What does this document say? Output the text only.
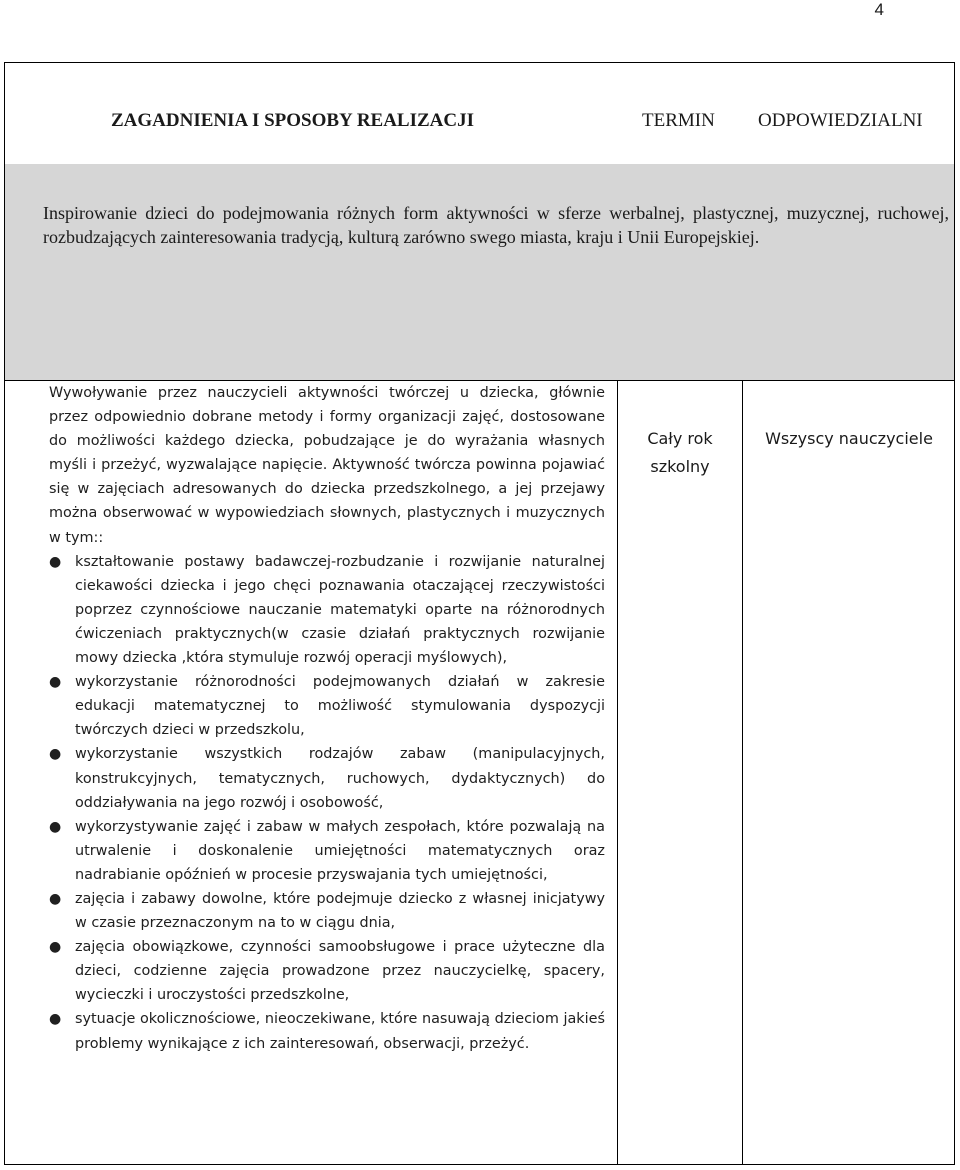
4
ZAGADNIENIA I SPOSOBY REALIZACJI	TERMIN ODPOWIEDZIALNI

Inspirowanie dzieci do podejmowania różnych form aktywności w sferze werbalnej, plastycznej, muzycznej, ruchowej, rozbudzających zainteresowania tradycją, kulturą zarówno swego miasta, kraju i Unii Europejskiej.

Wywoływanie przez nauczycieli aktywności twórczej u dziecka, głównie przez odpowiednio dobrane metody i formy organizacji zajęć, dostosowane do możliwości każdego dziecka, pobudzające je do wyrażania własnych myśli i przeżyć, wyzwalające napięcie. Aktywność twórcza powinna pojawiać się w zajęciach adresowanych do dziecka przedszkolnego, a jej przejawy można obserwować w wypowiedziach słownych, plastycznych i muzycznych w tym::

● kształtowanie postawy badawczej-rozbudzanie i rozwijanie naturalnej ciekawości dziecka i jego chęci poznawania otaczającej rzeczywistości poprzez czynnościowe nauczanie matematyki oparte na różnorodnych ćwiczeniach praktycznych(w czasie działań praktycznych rozwijanie mowy dziecka ,która stymuluje rozwój operacji myślowych),
● wykorzystanie różnorodności podejmowanych działań w zakresie edukacji matematycznej to możliwość stymulowania dyspozycji twórczych dzieci w przedszkolu,
● wykorzystanie wszystkich rodzajów zabaw (manipulacyjnych, konstrukcyjnych, tematycznych, ruchowych, dydaktycznych) do oddziaływania na jego rozwój i osobowość,
● wykorzystywanie zajęć i zabaw w małych zespołach, które pozwalają na utrwalenie i doskonalenie umiejętności matematycznych oraz nadrabianie opóźnień w procesie przyswajania tych umiejętności,
● zajęcia i zabawy dowolne, które podejmuje dziecko z własnej inicjatywy w czasie przeznaczonym na to w ciągu dnia,
● zajęcia obowiązkowe, czynności samoobsługowe i prace użyteczne dla dzieci, codzienne zajęcia prowadzone przez nauczycielkę, spacery, wycieczki i uroczystości przedszkolne,
● sytuacje okolicznościowe, nieoczekiwane, które nasuwają dzieciom jakieś problemy wynikające z ich zainteresowań, obserwacji, przeżyć.
Cały rok
szkolny
Wszyscy nauczyciele
